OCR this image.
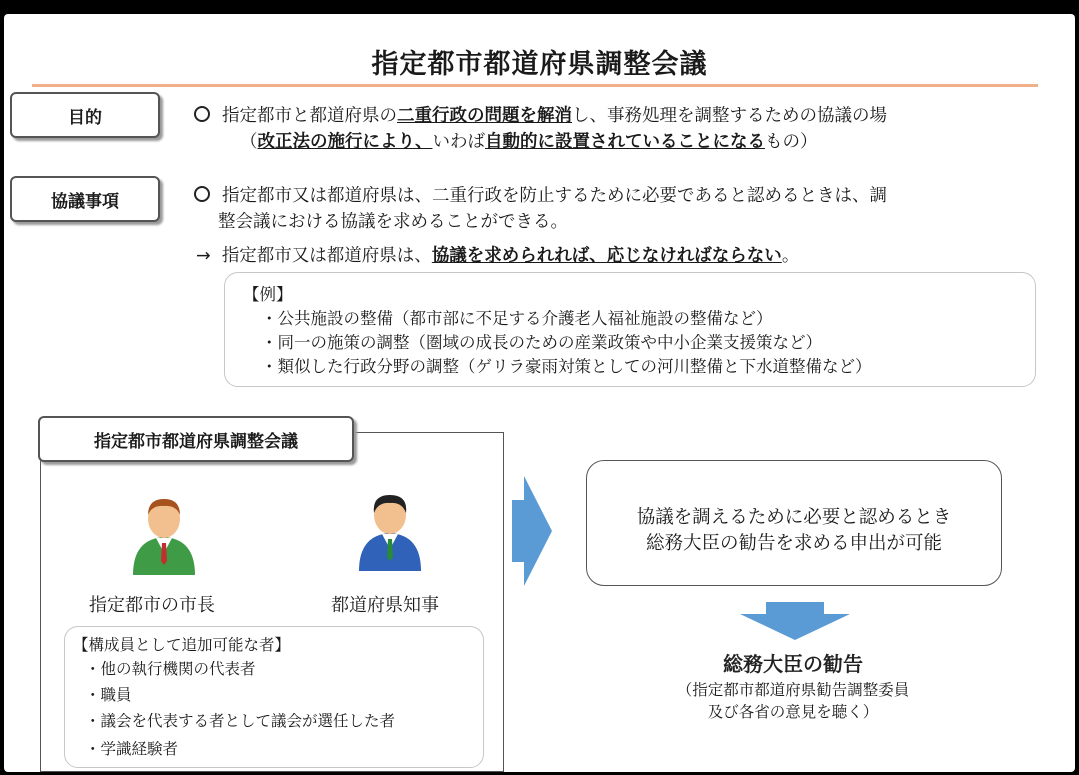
指定都市都道府県調整会議
目的	指定都市と都道府県の二重行政の問題を解消し、事務処理を調整するための協議の場
（改正法の施行により、いわば自動的に設置されていることになるもの）
協議事項	指定都市又は都道府県は、二重行政を防止するために必要であると認めるときは、調
整会議における協議を求めることができる。
→ 指定都市又は都道府県は、協議を求められれば、応じなければならない。
【例】
・公共施設の整備（都市部に不足する介護老人福祉施設の整備など）
・同一の施策の調整（圏域の成長のための産業政策や中小企業支援策など）
・類似した行政分野の調整（ゲリラ豪雨対策としての河川整備と下水道整備など）
指定都市の市長	都道府県知事
指定都市都道府県調整会議
【構成員として追加可能な者】
・他の執行機関の代表者
・職員
・議会を代表する者として議会が選任した者
・学識経験者
協議を調えるために必要と認めるとき
総務大臣の勧告を求める申出が可能
総務大臣の勧告
（指定都市都道府県勧告調整委員
及び各省の意見を聴く）
